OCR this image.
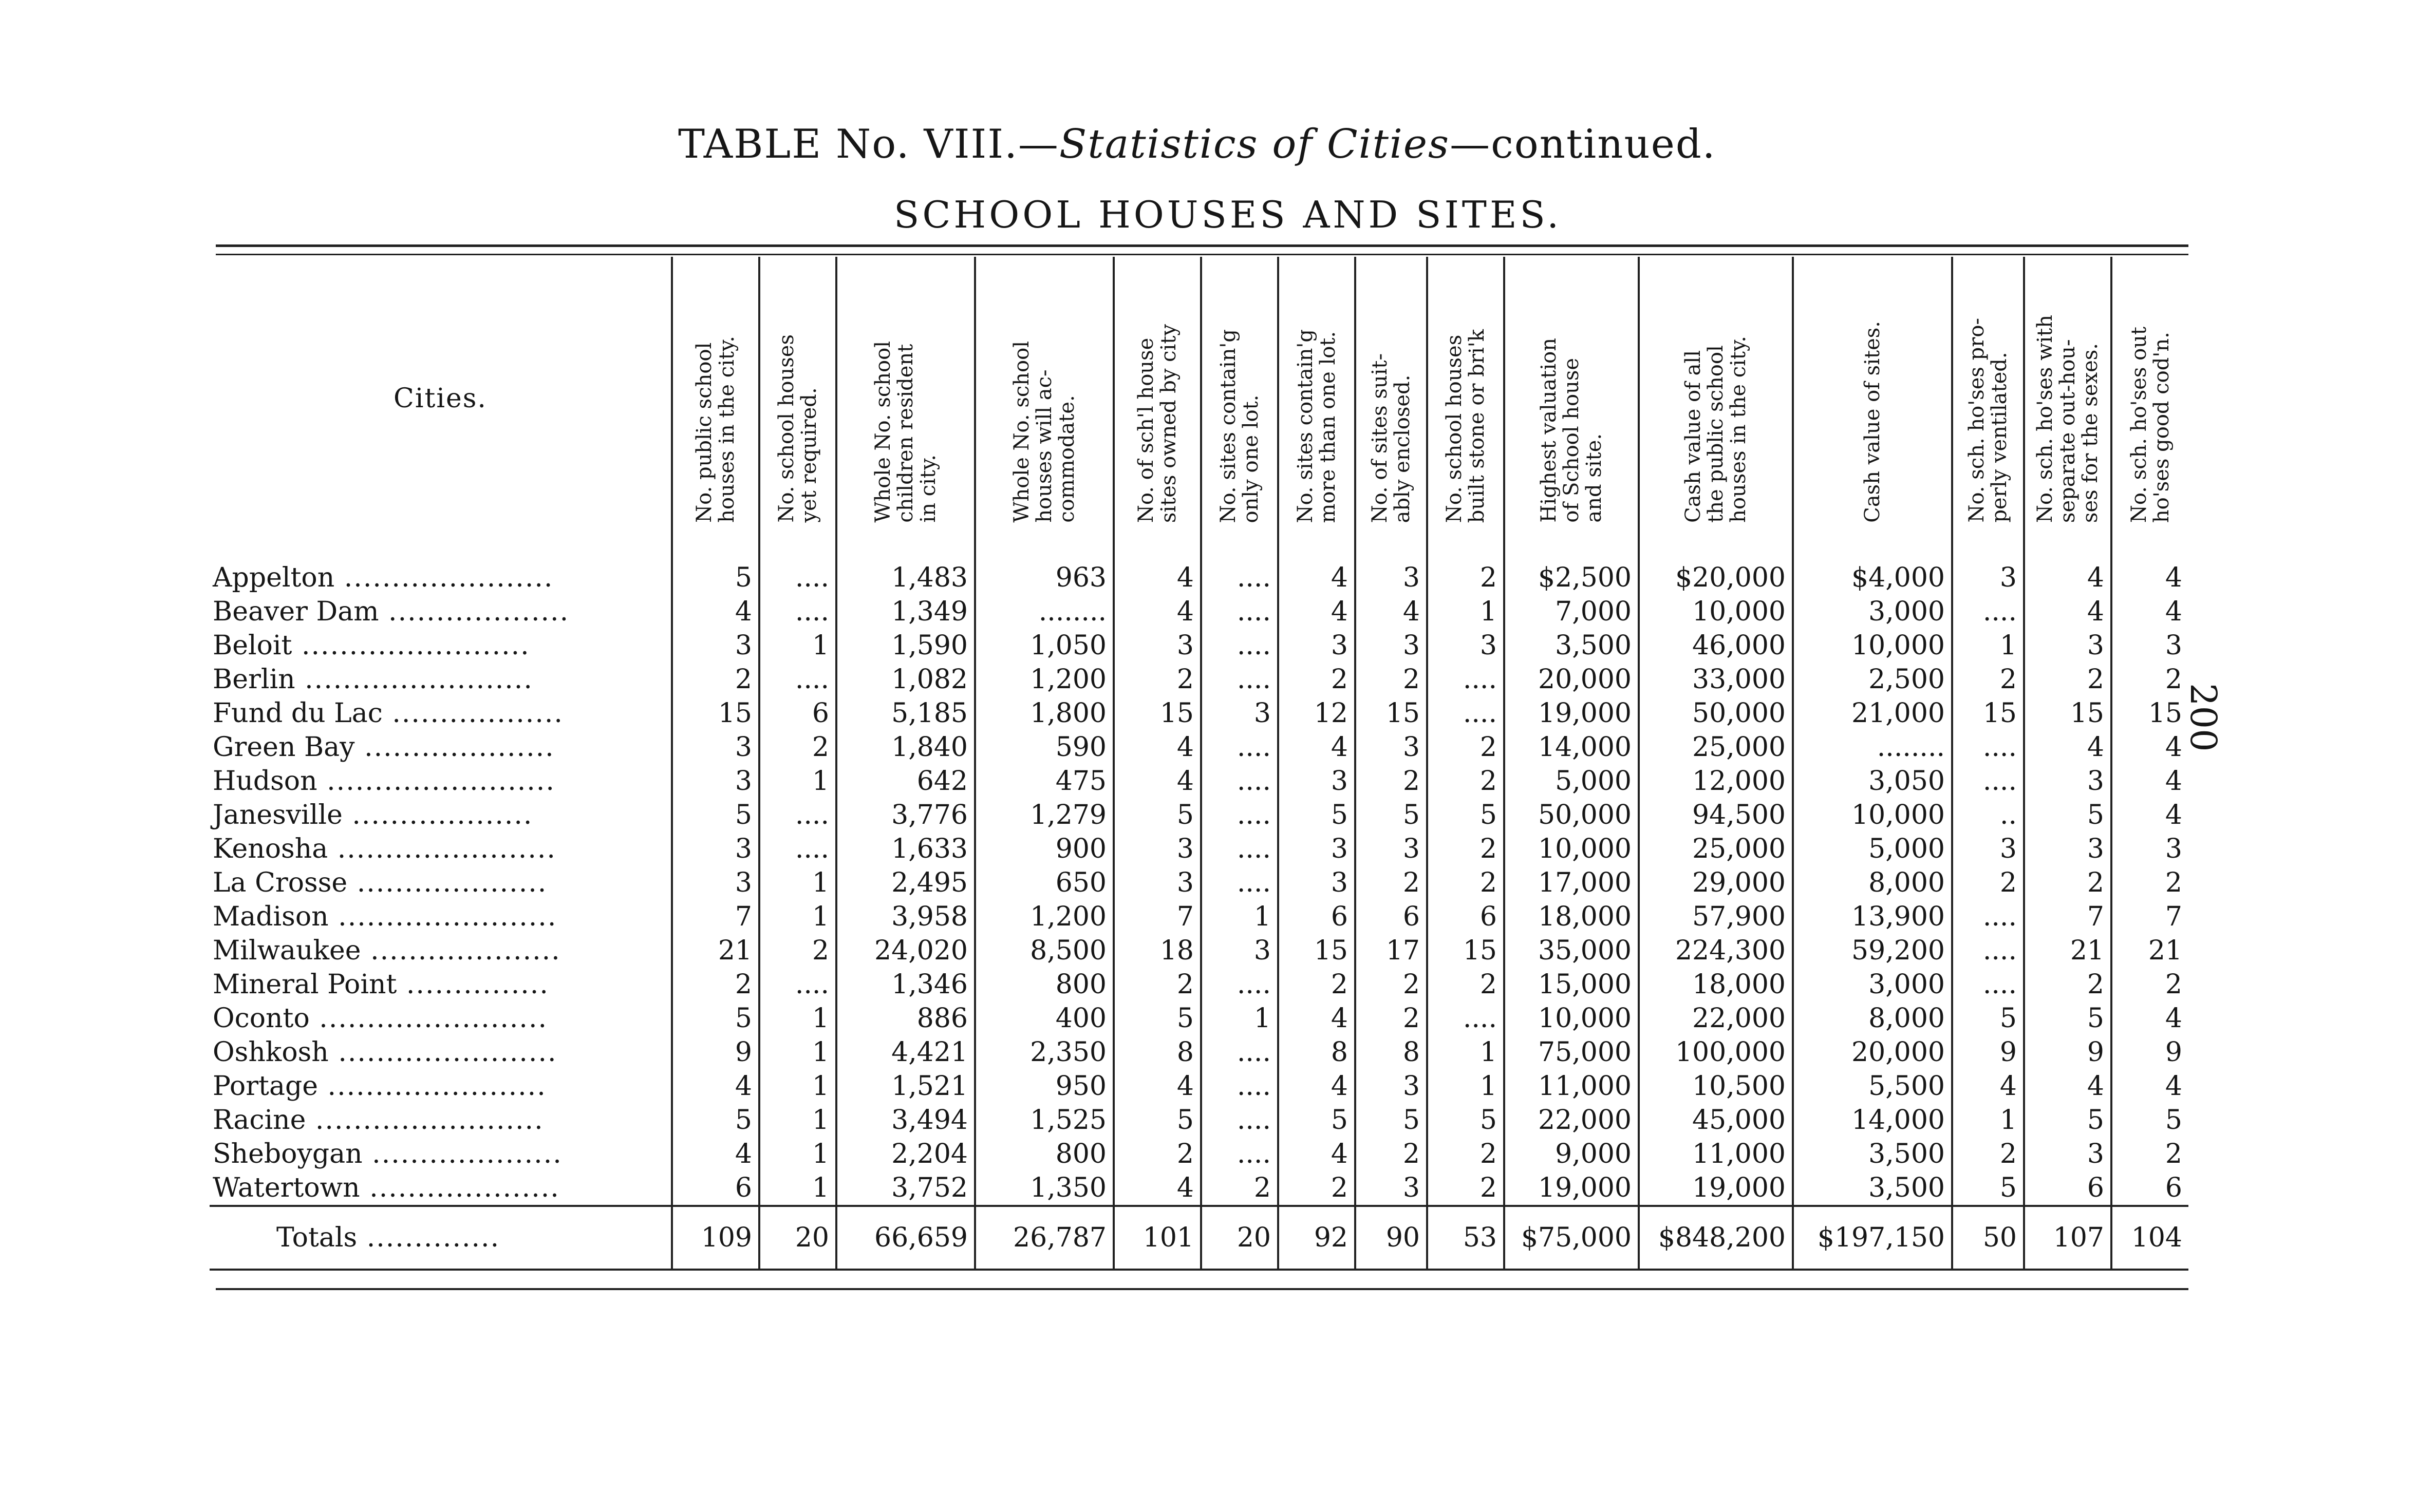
TABLE No. VIII.—Statistics of Cities—continued.
SCHOOL HOUSES AND SITES.
Cities.	No. public school
houses in the city.	No. school houses
yet required.	Whole No. school
children resident
in city.	Whole No. school
houses will ac-
commodate.	No. of sch'l house
sites owned by city	No. sites contain'g
only one lot.	No. sites contain'g
more than one lot.	No. of sites suit-
ably enclosed.	No. school houses
built stone or bri'k	Highest valuation
of School house
and site.	Cash value of all
the public school
houses in the city.	Cash value of sites.	No. sch. ho'ses pro-
perly ventilated.	No. sch. ho'ses with
separate out-hou-
ses for the sexes.	No. sch. ho'ses out
ho'ses good cod'n.
Appelton ......................	5	....	1,483	963	4	....	4	3	2	$2,500	$20,000	$4,000	3	4	4
Beaver Dam ...................	4	....	1,349	........	4	....	4	4	1	7,000	10,000	3,000	....	4	4
Beloit ........................	3	1	1,590	1,050	3	....	3	3	3	3,500	46,000	10,000	1	3	3
Berlin ........................	2	....	1,082	1,200	2	....	2	2	....	20,000	33,000	2,500	2	2	2
Fund du Lac ..................	15	6	5,185	1,800	15	3	12	15	....	19,000	50,000	21,000	15	15	15
Green Bay ....................	3	2	1,840	590	4	....	4	3	2	14,000	25,000	........	....	4	4
Hudson ........................	3	1	642	475	4	....	3	2	2	5,000	12,000	3,050	....	3	4
Janesville ...................	5	....	3,776	1,279	5	....	5	5	5	50,000	94,500	10,000	..	5	4
Kenosha .......................	3	....	1,633	900	3	....	3	3	2	10,000	25,000	5,000	3	3	3
La Crosse ....................	3	1	2,495	650	3	....	3	2	2	17,000	29,000	8,000	2	2	2
Madison .......................	7	1	3,958	1,200	7	1	6	6	6	18,000	57,900	13,900	....	7	7
Milwaukee ....................	21	2	24,020	8,500	18	3	15	17	15	35,000	224,300	59,200	....	21	21
Mineral Point ...............	2	....	1,346	800	2	....	2	2	2	15,000	18,000	3,000	....	2	2
Oconto ........................	5	1	886	400	5	1	4	2	....	10,000	22,000	8,000	5	5	4
Oshkosh .......................	9	1	4,421	2,350	8	....	8	8	1	75,000	100,000	20,000	9	9	9
Portage .......................	4	1	1,521	950	4	....	4	3	1	11,000	10,500	5,500	4	4	4
Racine ........................	5	1	3,494	1,525	5	....	5	5	5	22,000	45,000	14,000	1	5	5
Sheboygan ....................	4	1	2,204	800	2	....	4	2	2	9,000	11,000	3,500	2	3	2
Watertown ....................	6	1	3,752	1,350	4	2	2	3	2	19,000	19,000	3,500	5	6	6
Totals ..............	109	20	66,659	26,787	101	20	92	90	53	$75,000	$848,200	$197,150	50	107	104
200
